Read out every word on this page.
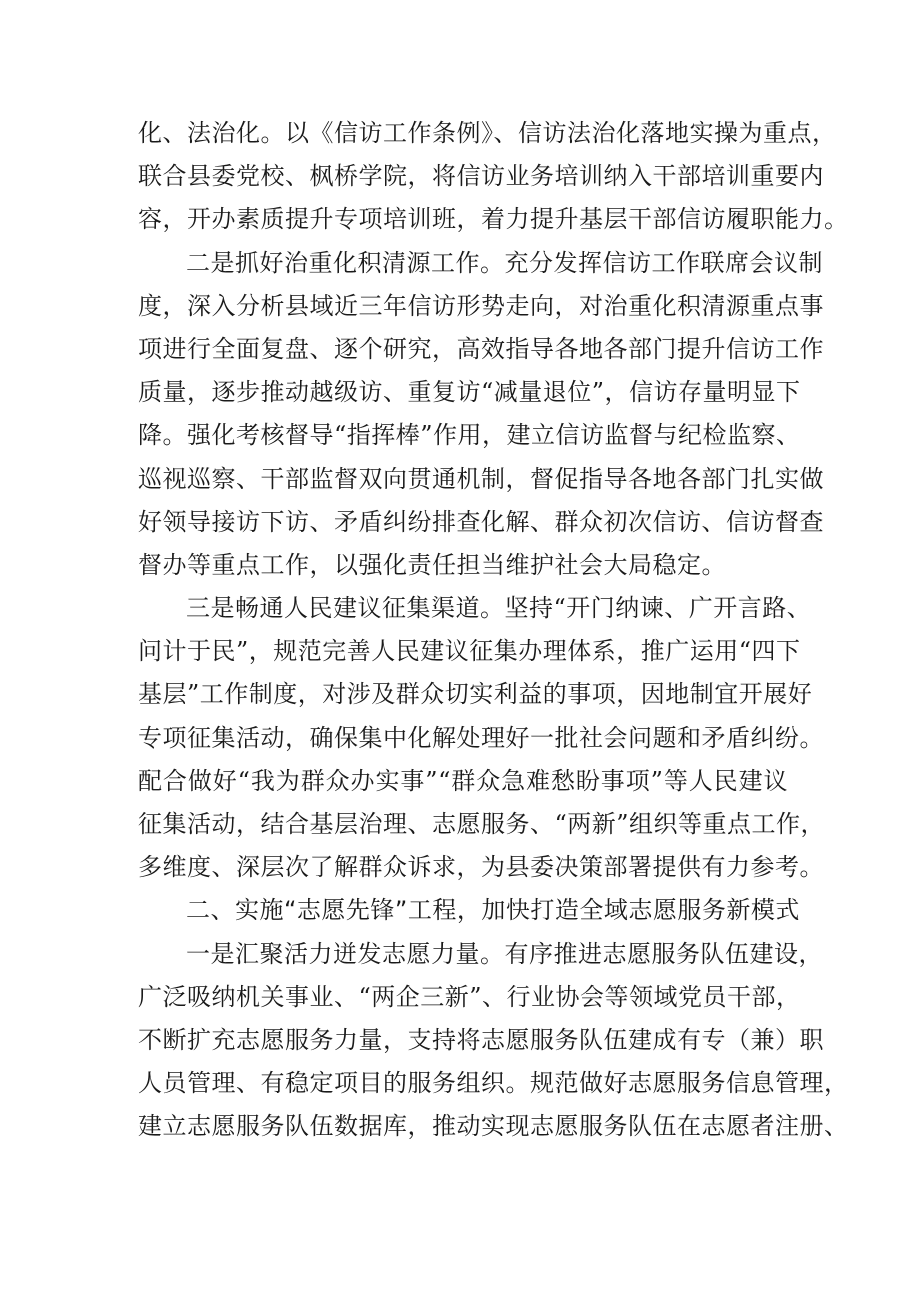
化、法治化。以《信访工作条例》、信访法治化落地实操为重点，
联合县委党校、枫桥学院，将信访业务培训纳入干部培训重要内
容，开办素质提升专项培训班，着力提升基层干部信访履职能力。
二是抓好治重化积清源工作。充分发挥信访工作联席会议制
度，深入分析县域近三年信访形势走向，对治重化积清源重点事
项进行全面复盘、逐个研究，高效指导各地各部门提升信访工作
质量，逐步推动越级访、重复访“减量退位”，信访存量明显下
降。强化考核督导“指挥棒”作用，建立信访监督与纪检监察、
巡视巡察、干部监督双向贯通机制，督促指导各地各部门扎实做
好领导接访下访、矛盾纠纷排查化解、群众初次信访、信访督查
督办等重点工作，以强化责任担当维护社会大局稳定。
三是畅通人民建议征集渠道。坚持“开门纳谏、广开言路、
问计于民”，规范完善人民建议征集办理体系，推广运用“四下
基层”工作制度，对涉及群众切实利益的事项，因地制宜开展好
专项征集活动，确保集中化解处理好一批社会问题和矛盾纠纷。
配合做好“我为群众办实事”“群众急难愁盼事项”等人民建议
征集活动，结合基层治理、志愿服务、“两新”组织等重点工作，
多维度、深层次了解群众诉求，为县委决策部署提供有力参考。
二、实施“志愿先锋”工程，加快打造全域志愿服务新模式
一是汇聚活力迸发志愿力量。有序推进志愿服务队伍建设，
广泛吸纳机关事业、“两企三新”、行业协会等领域党员干部，
不断扩充志愿服务力量，支持将志愿服务队伍建成有专（兼）职
人员管理、有稳定项目的服务组织。规范做好志愿服务信息管理，
建立志愿服务队伍数据库，推动实现志愿服务队伍在志愿者注册、
